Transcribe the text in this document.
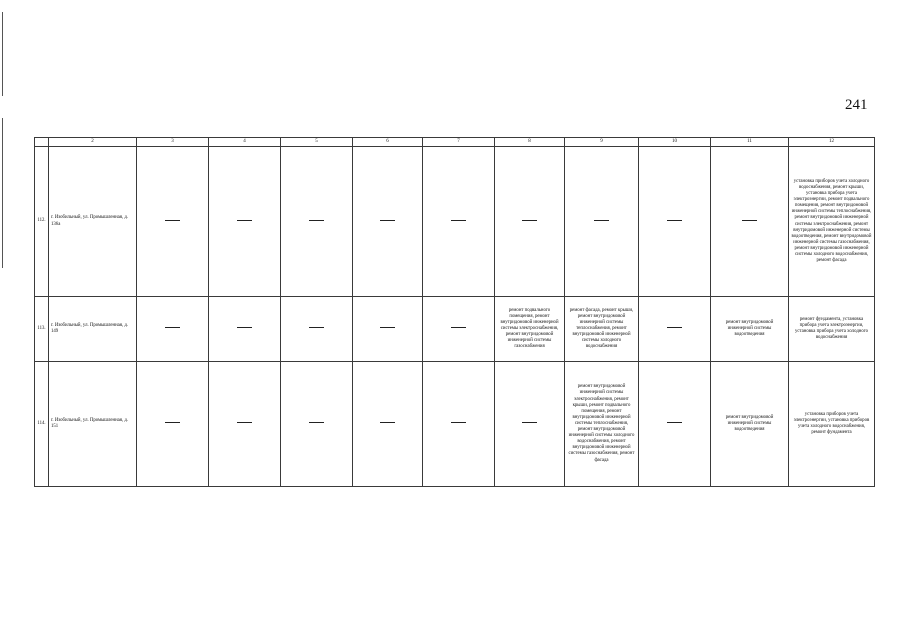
241
	2	3	4	5	6	7	8	9	10	11	12
112.	г. Изобильный, ул. Промышленная, д. 136а										установка приборов учета холодного водоснабжения, ремонт крыши, установка прибора учета электроэнергии, ремонт подвального помещения, ремонт внутридомовой инженерной системы теплоснабжения, ремонт внутридомовой инженерной системы электроснабжения, ремонт внутридомовой инженерной системы водоотведения, ремонт внутридомовой инженерной системы газоснабжения, ремонт внутридомовой инженерной системы холодного водоснабжения, ремонт фасада
113.	г. Изобильный, ул. Промышленная, д. 149						ремонт подвального помещения, ремонт внутридомовой инженерной системы электроснабжения, ремонт внутридомовой инженерной системы газоснабжения	ремонт фасада, ремонт крыши, ремонт внутридомовой инженерной системы теплоснабжения, ремонт внутридомовой инженерной системы холодного водоснабжения		ремонт внутридомовой инженерной системы водоотведения	ремонт фундамента, установка прибора учета электроэнергии, установка прибора учета холодного водоснабжения
114.	г. Изобильный, ул. Промышленная, д. 151							ремонт внутридомовой инженерной системы электроснабжения, ремонт крыши, ремонт подвального помещения, ремонт внутридомовой инженерной системы теплоснабжения, ремонт внутридомовой инженерной системы холодного водоснабжения, ремонт внутридомовой инженерной системы газоснабжения, ремонт фасада		ремонт внутридомовой инженерной системы водоотведения	установка приборов учета электроэнергии, установка приборов учета холодного водоснабжения, ремонт фундамента
